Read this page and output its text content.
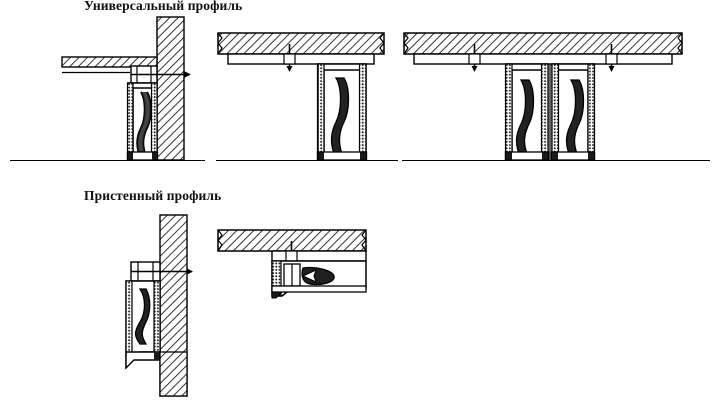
Универсальный профиль
Пристенный профиль
